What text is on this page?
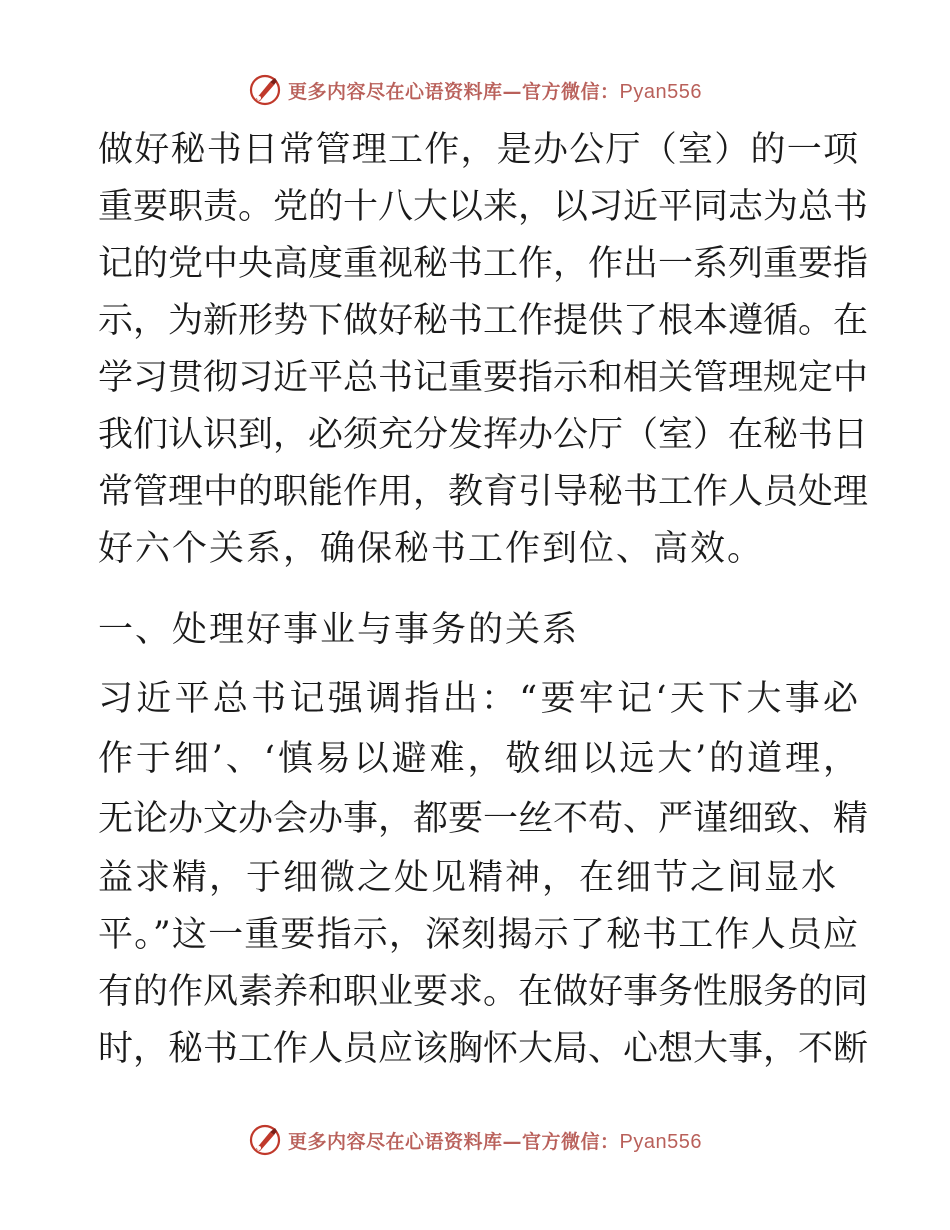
更多内容尽在心语资料库—官方微信：Pyan556
做好秘书日常管理工作，是办公厅（室）的一项
重要职责。党的十八大以来，以习近平同志为总书
记的党中央高度重视秘书工作，作出一系列重要指
示，为新形势下做好秘书工作提供了根本遵循。在
学习贯彻习近平总书记重要指示和相关管理规定中
我们认识到，必须充分发挥办公厅（室）在秘书日
常管理中的职能作用，教育引导秘书工作人员处理
好六个关系，确保秘书工作到位、高效。
一、处理好事业与事务的关系
习近平总书记强调指出：“要牢记‘天下大事必
作于细’、‘慎易以避难，敬细以远大’的道理，
无论办文办会办事，都要一丝不苟、严谨细致、精
益求精，于细微之处见精神，在细节之间显水
平。”这一重要指示，深刻揭示了秘书工作人员应
有的作风素养和职业要求。在做好事务性服务的同
时，秘书工作人员应该胸怀大局、心想大事，不断
更多内容尽在心语资料库—官方微信：Pyan556
